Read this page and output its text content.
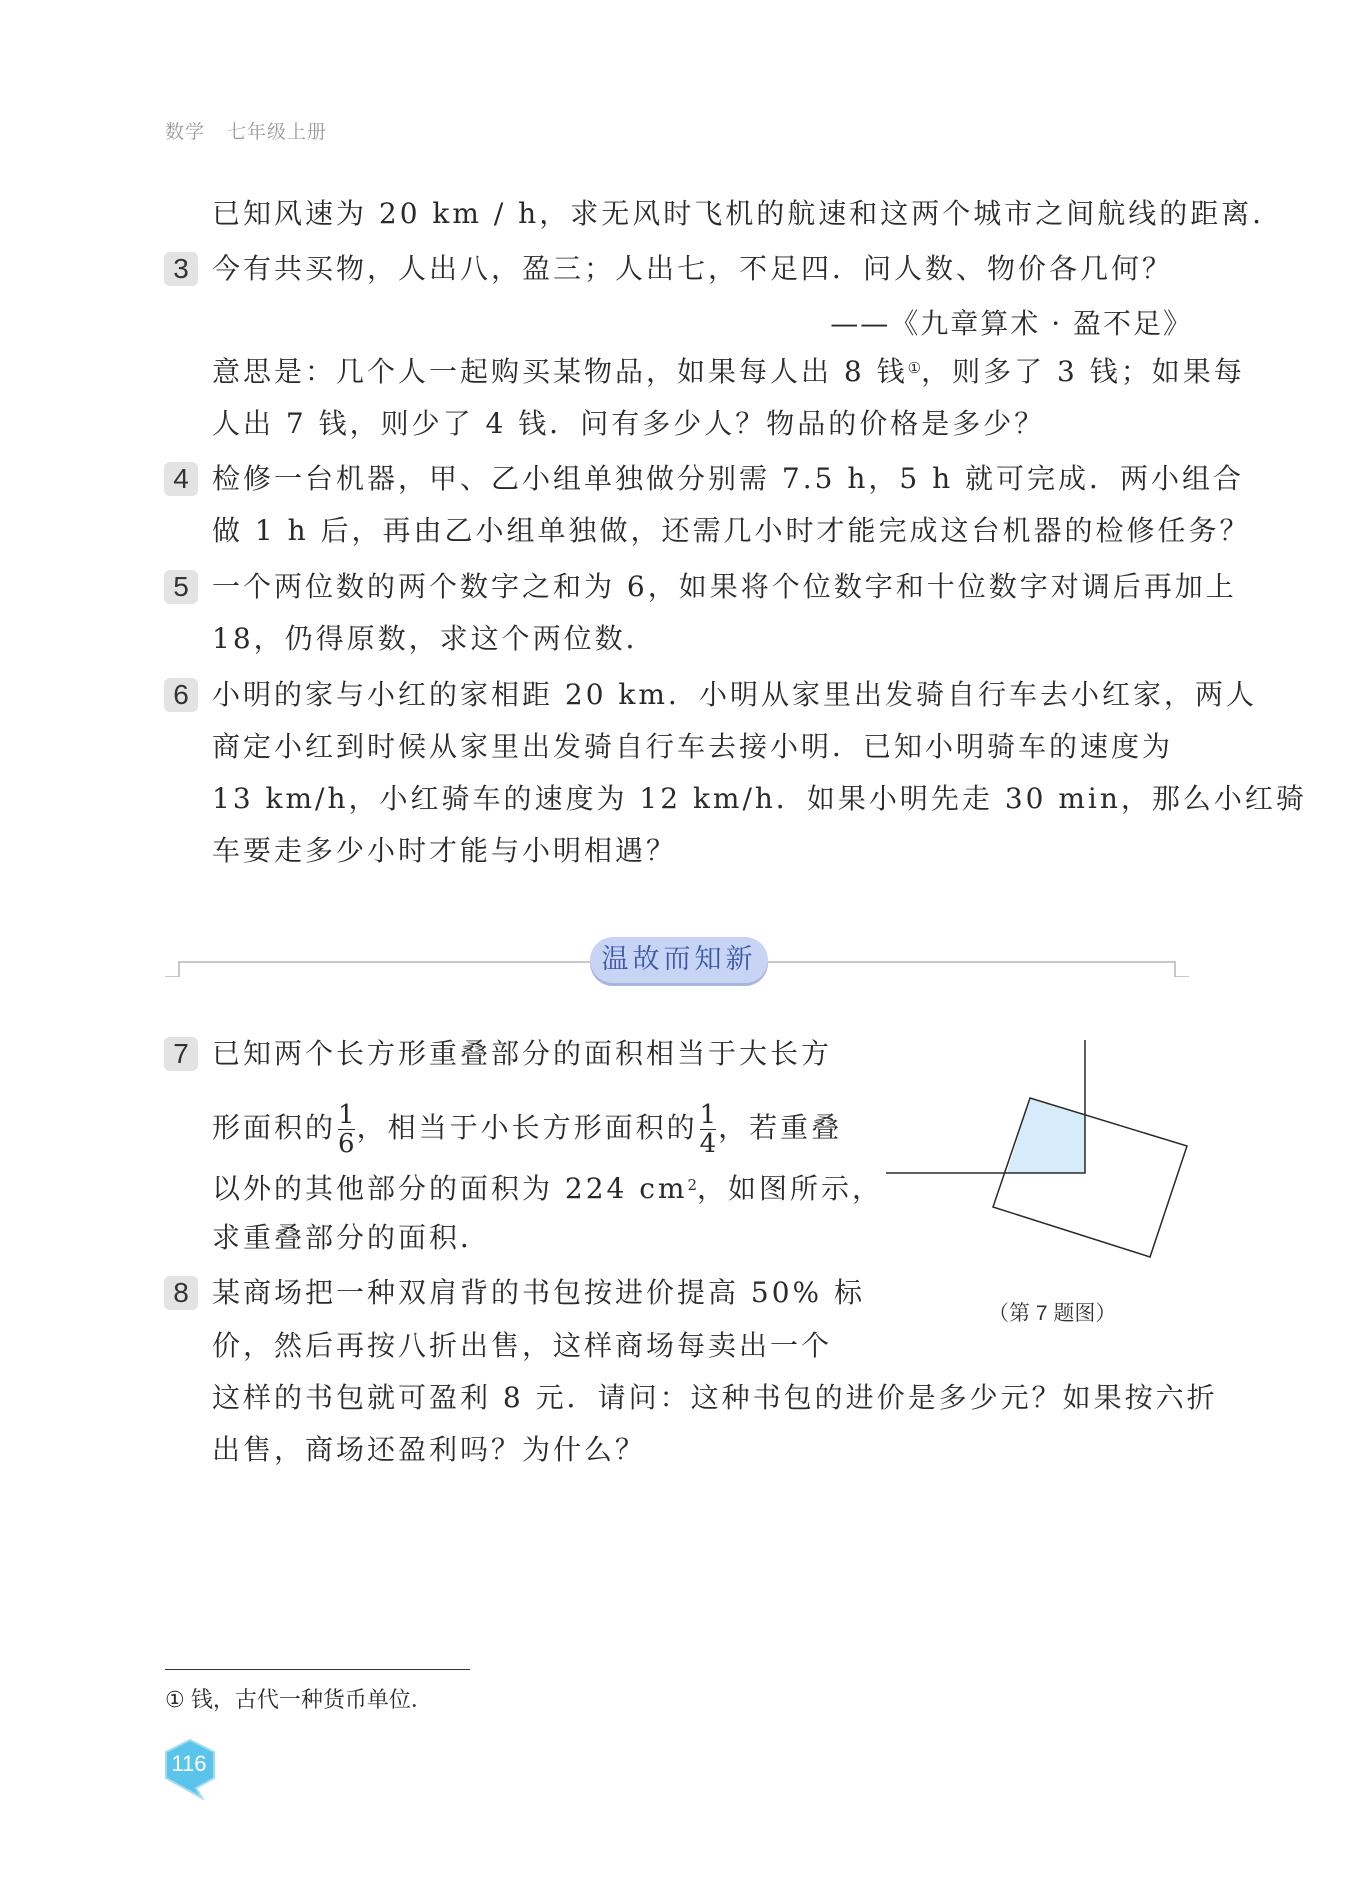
数学 七年级上册
已知风速为 20 km / h，求无风时飞机的航速和这两个城市之间航线的距离．
3 今有共买物，人出八，盈三；人出七，不足四．问人数、物价各几何？
——《九章算术 · 盈不足》
意思是：几个人一起购买某物品，如果每人出 8 钱①，则多了 3 钱；如果每
人出 7 钱，则少了 4 钱．问有多少人？物品的价格是多少？
4 检修一台机器，甲、乙小组单独做分别需 7.5 h，5 h 就可完成．两小组合
做 1 h 后，再由乙小组单独做，还需几小时才能完成这台机器的检修任务？
5 一个两位数的两个数字之和为 6，如果将个位数字和十位数字对调后再加上
18，仍得原数，求这个两位数．
6 小明的家与小红的家相距 20 km．小明从家里出发骑自行车去小红家，两人
商定小红到时候从家里出发骑自行车去接小明．已知小明骑车的速度为
13 km/h，小红骑车的速度为 12 km/h．如果小明先走 30 min，那么小红骑
车要走多少小时才能与小明相遇？
温故而知新
7 已知两个长方形重叠部分的面积相当于大长方
形面积的 $\frac{1}{6}$ ，相当于小长方形面积的 $\frac{1}{4}$ ，若重叠
以外的其他部分的面积为 224 $cm^2$，如图所示，
求重叠部分的面积．
（第 7 题图）
8 某商场把一种双肩背的书包按进价提高 50% 标
价，然后再按八折出售，这样商场每卖出一个
这样的书包就可盈利 8 元．请问：这种书包的进价是多少元？如果按六折
出售，商场还盈利吗？为什么？
① 钱，古代一种货币单位．
116
